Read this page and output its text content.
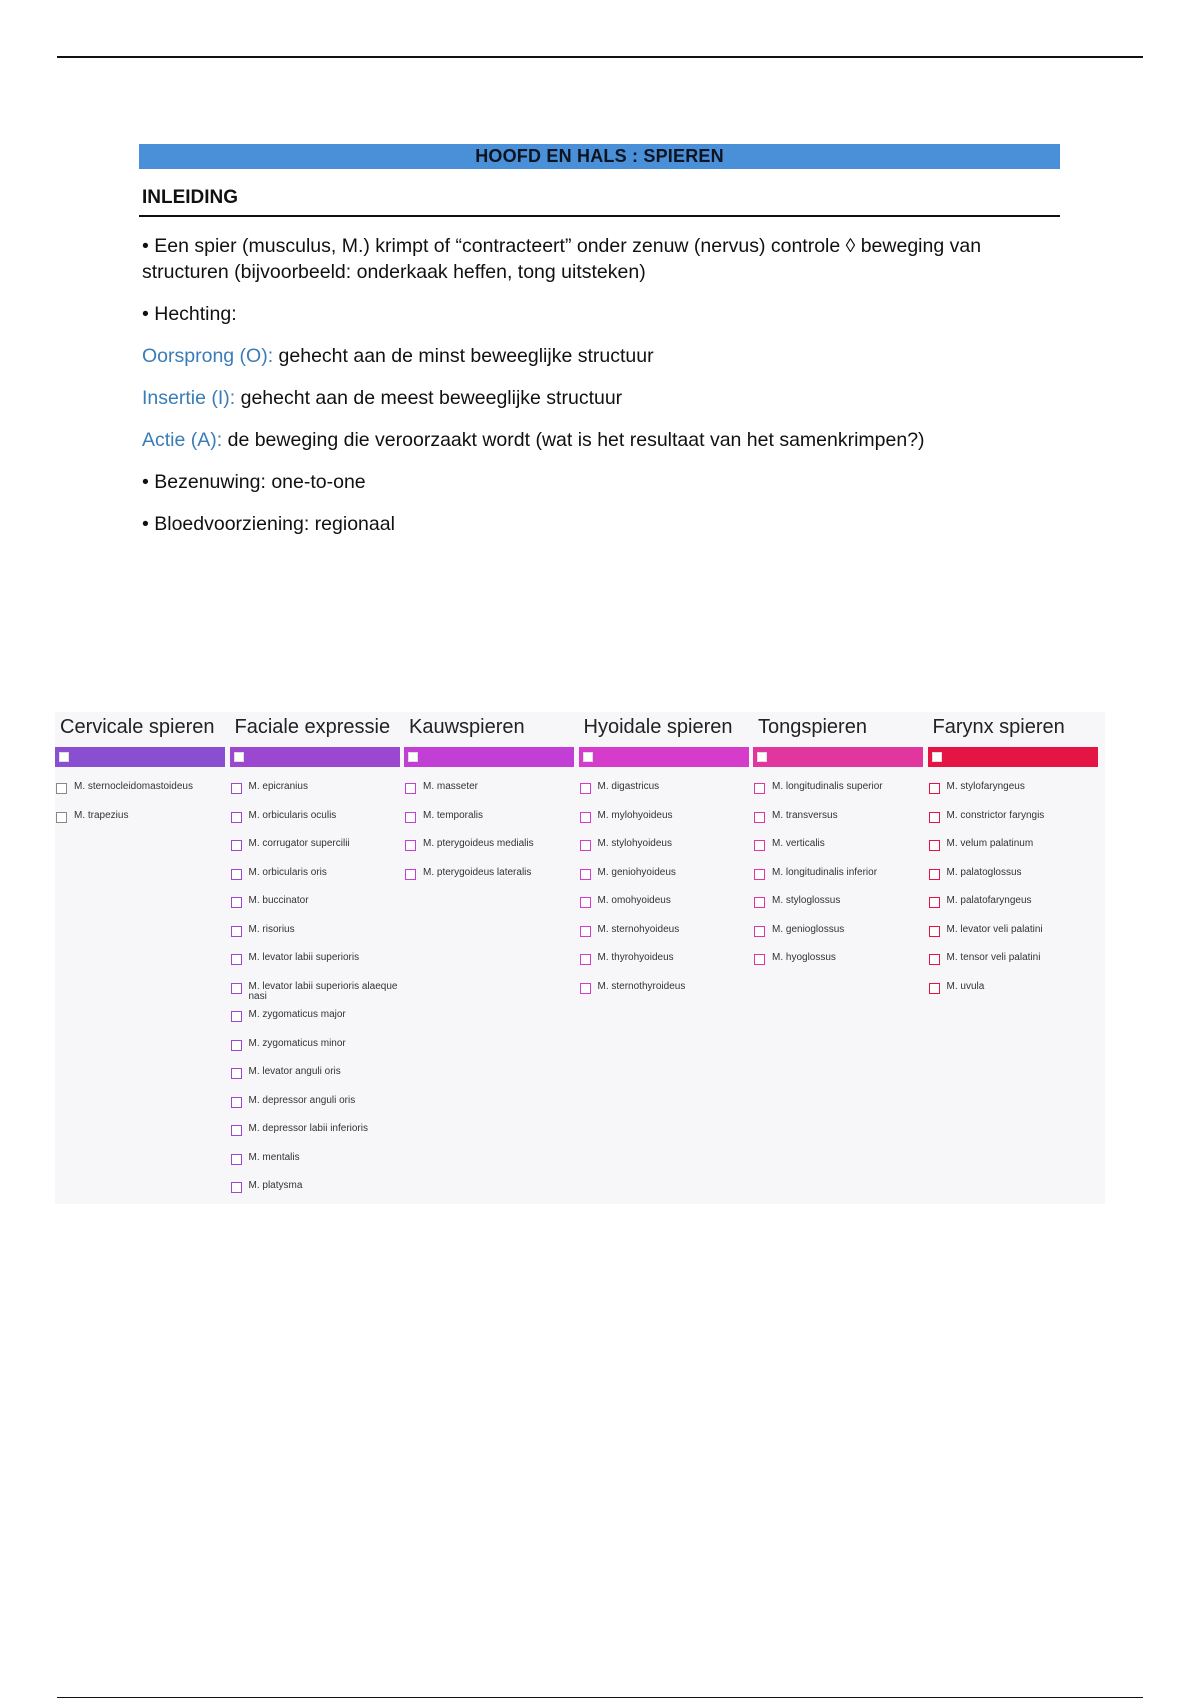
HOOFD EN HALS : SPIEREN
INLEIDING

• Een spier (musculus, M.) krimpt of “contracteert” onder zenuw (nervus) controle ◊ beweging van structuren (bijvoorbeeld: onderkaak heffen, tong uitsteken)

• Hechting:

Oorsprong (O): gehecht aan de minst beweeglijke structuur

Insertie (I): gehecht aan de meest beweeglijke structuur

Actie (A): de beweging die veroorzaakt wordt (wat is het resultaat van het samenkrimpen?)

• Bezenuwing: one-to-one

• Bloedvoorziening: regionaal

Cervicale spieren
M. sternocleidomastoideus
M. trapezius
Faciale expressie
M. epicranius
M. orbicularis oculis
M. corrugator supercilii
M. orbicularis oris
M. buccinator
M. risorius
M. levator labii superioris
M. levator labii superioris alaeque nasi
M. zygomaticus major
M. zygomaticus minor
M. levator anguli oris
M. depressor anguli oris
M. depressor labii inferioris
M. mentalis
M. platysma
Kauwspieren
M. masseter
M. temporalis
M. pterygoideus medialis
M. pterygoideus lateralis
Hyoidale spieren
M. digastricus
M. mylohyoideus
M. stylohyoideus
M. geniohyoideus
M. omohyoideus
M. sternohyoideus
M. thyrohyoideus
M. sternothyroideus
Tongspieren
M. longitudinalis superior
M. transversus
M. verticalis
M. longitudinalis inferior
M. styloglossus
M. genioglossus
M. hyoglossus
Farynx spieren
M. stylofaryngeus
M. constrictor faryngis
M. velum palatinum
M. palatoglossus
M. palatofaryngeus
M. levator veli palatini
M. tensor veli palatini
M. uvula
